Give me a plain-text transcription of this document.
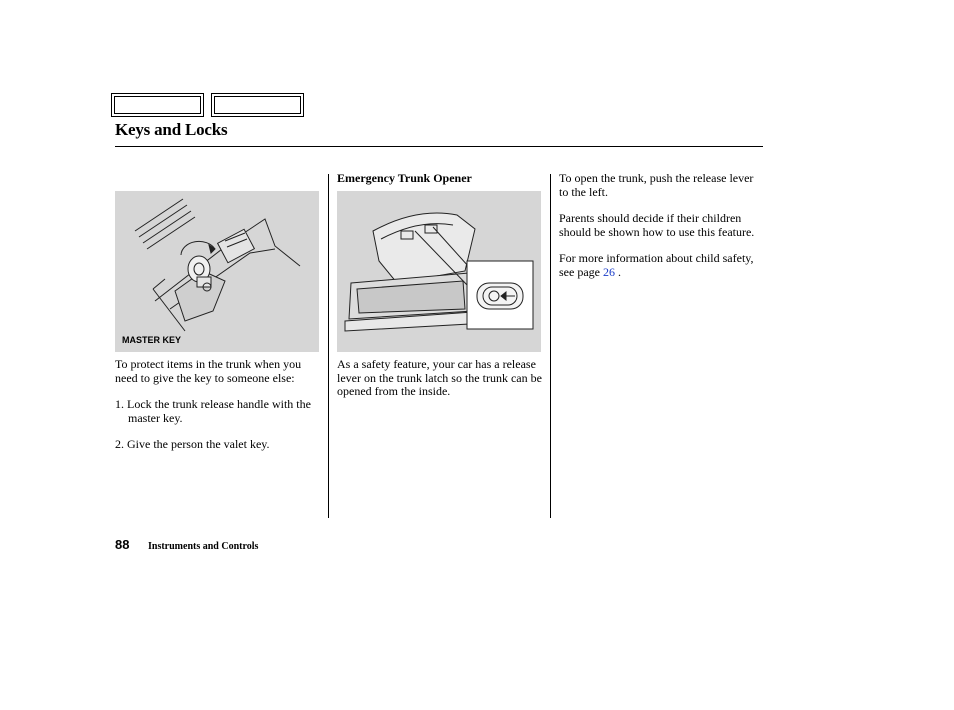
Keys and Locks
MASTER KEY
To protect items in the trunk when you need to give the key to someone else:
1. Lock the trunk release handle with the master key.
2. Give the person the valet key.
Emergency Trunk Opener
As a safety feature, your car has a release lever on the trunk latch so the trunk can be opened from the inside.
To open the trunk, push the release lever to the left.
Parents should decide if their children should be shown how to use this feature.
For more information about child safety, see page 26 .
88 Instruments and Controls
